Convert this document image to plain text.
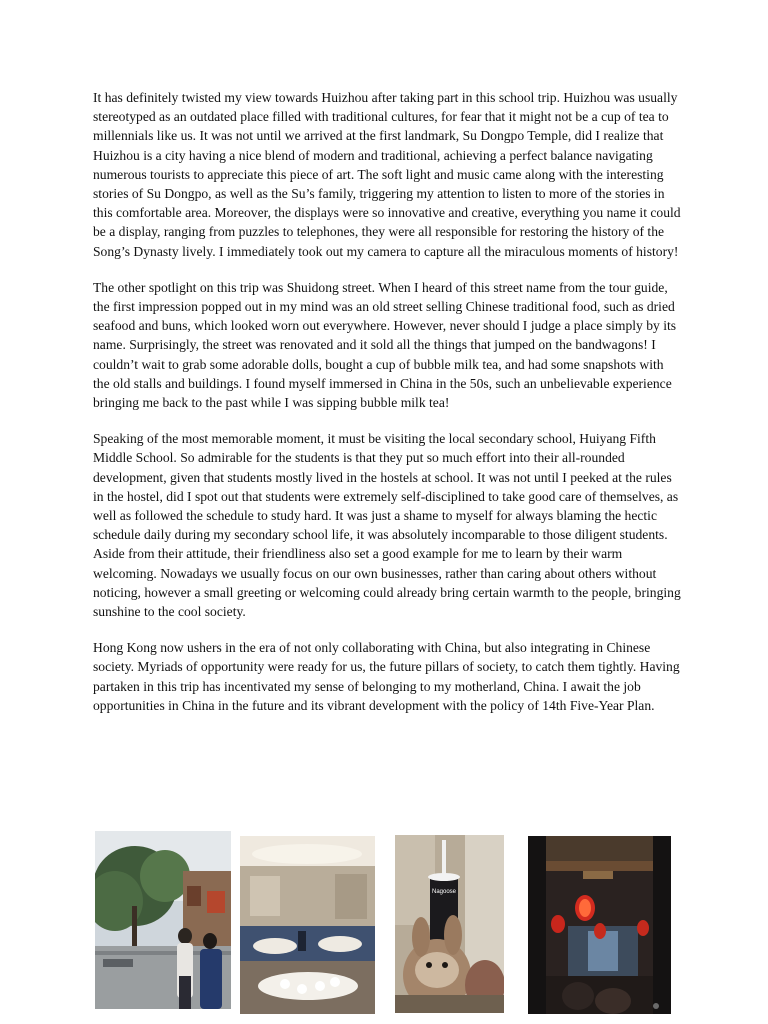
It has definitely twisted my view towards Huizhou after taking part in this school trip. Huizhou was usually stereotyped as an outdated place filled with traditional cultures, for fear that it might not be a cup of tea to millennials like us. It was not until we arrived at the first landmark, Su Dongpo Temple, did I realize that Huizhou is a city having a nice blend of modern and traditional, achieving a perfect balance navigating numerous tourists to appreciate this piece of art. The soft light and music came along with the interesting stories of Su Dongpo, as well as the Su’s family, triggering my attention to listen to more of the stories in this comfortable area. Moreover, the displays were so innovative and creative, everything you name it could be a display, ranging from puzzles to telephones, they were all responsible for restoring the history of the Song’s Dynasty lively. I immediately took out my camera to capture all the miraculous moments of history!

The other spotlight on this trip was Shuidong street. When I heard of this street name from the tour guide, the first impression popped out in my mind was an old street selling Chinese traditional food, such as dried seafood and buns, which looked worn out everywhere. However, never should I judge a place simply by its name. Surprisingly, the street was renovated and it sold all the things that jumped on the bandwagons! I couldn’t wait to grab some adorable dolls, bought a cup of bubble milk tea, and had some snapshots with the old stalls and buildings. I found myself immersed in China in the 50s, such an unbelievable experience bringing me back to the past while I was sipping bubble milk tea!

Speaking of the most memorable moment, it must be visiting the local secondary school, Huiyang Fifth Middle School. So admirable for the students is that they put so much effort into their all-rounded development, given that students mostly lived in the hostels at school. It was not until I peeked at the rules in the hostel, did I spot out that students were extremely self-disciplined to take good care of themselves, as well as followed the schedule to study hard. It was just a shame to myself for always blaming the hectic schedule daily during my secondary school life, it was absolutely incomparable to those diligent students. Aside from their attitude, their friendliness also set a good example for me to learn by their warm welcoming. Nowadays we usually focus on our own businesses, rather than caring about others without noticing, however a small greeting or welcoming could already bring certain warmth to the people, bringing sunshine to the cool society.

Hong Kong now ushers in the era of not only collaborating with China, but also integrating in Chinese society. Myriads of opportunity were ready for us, the future pillars of society, to catch them tightly. Having partaken in this trip has incentivated my sense of belonging to my motherland, China. I await the job opportunities in China in the future and its vibrant development with the policy of 14th Five-Year Plan.

Nagoose
